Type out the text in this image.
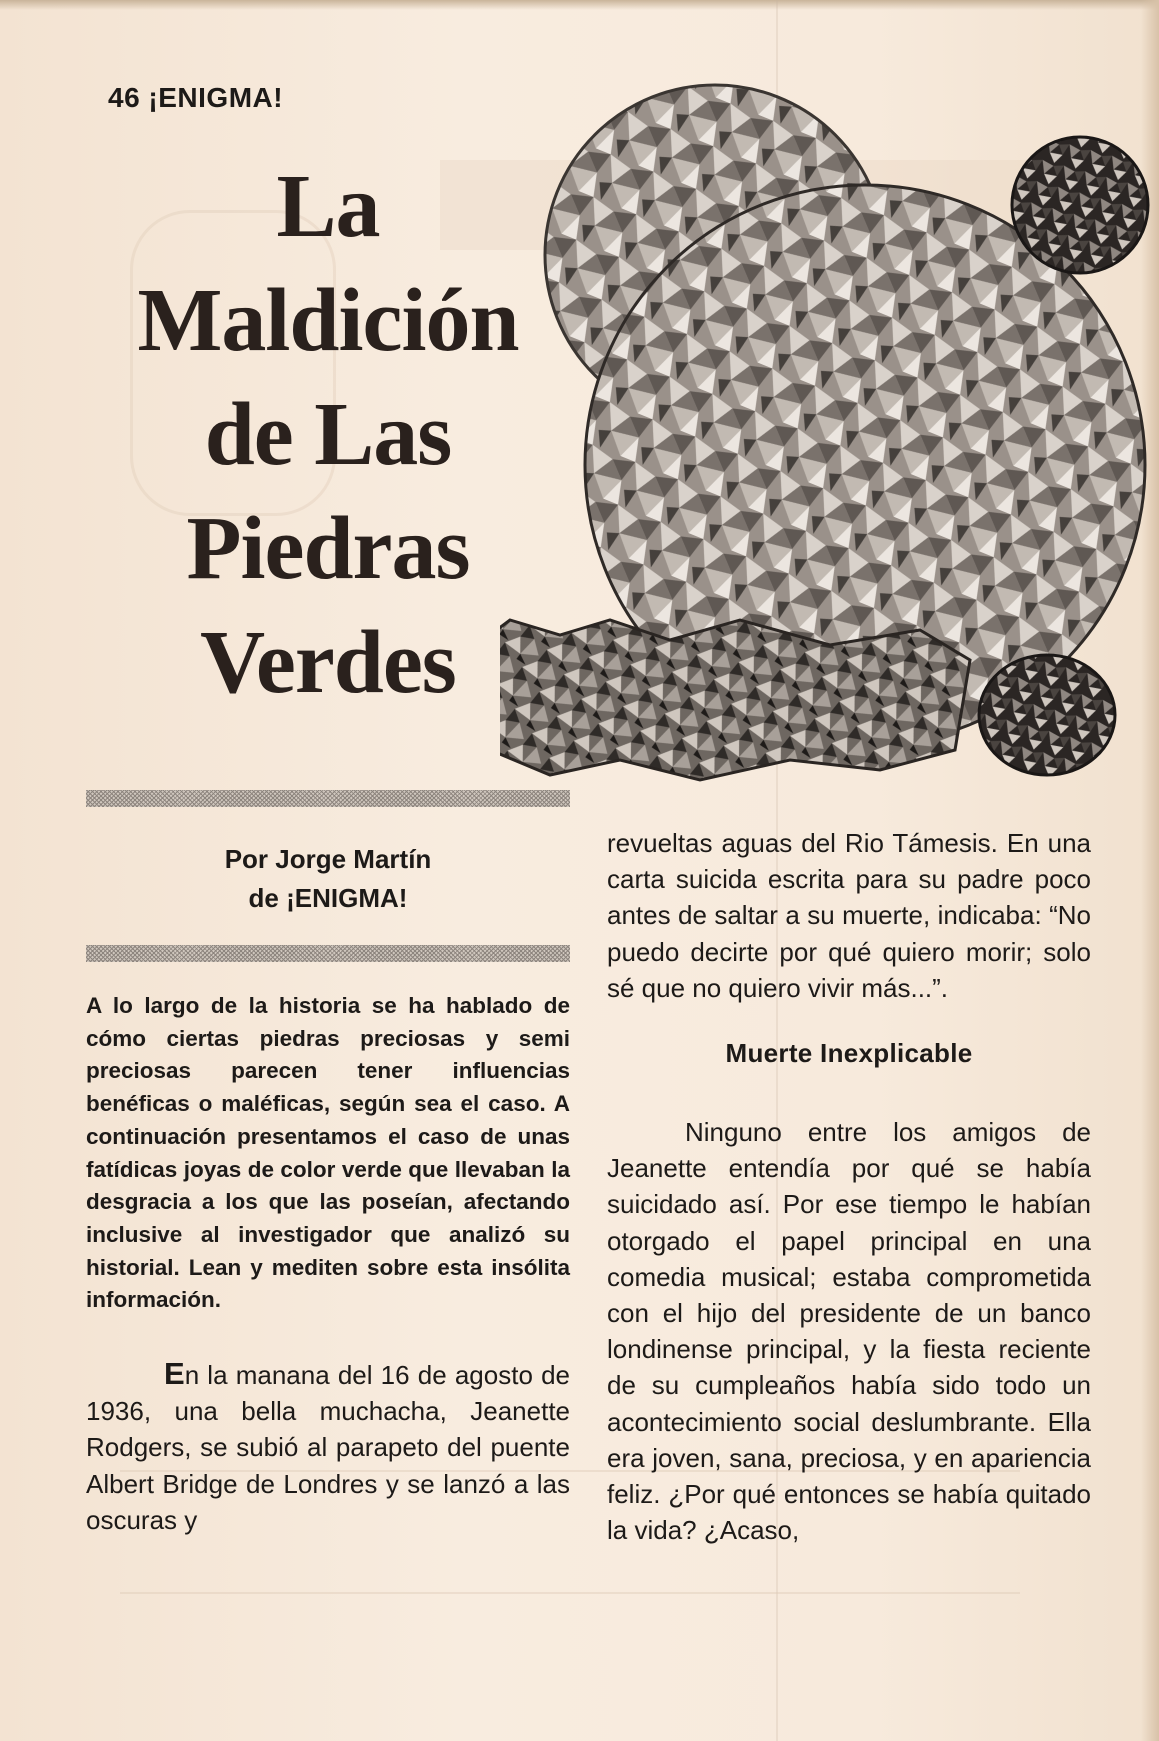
46 ¡ENIGMA!
La
Maldición
de Las
Piedras
Verdes
Por Jorge Martín
de ¡ENIGMA!

A lo largo de la historia se ha hablado de cómo ciertas piedras preciosas y semi preciosas parecen tener influencias benéficas o maléficas, según sea el caso. A continuación presentamos el caso de unas fatídicas joyas de color verde que llevaban la desgracia a los que las poseían, afectando inclusive al investigador que analizó su historial. Lean y mediten sobre esta insólita información.

En la manana del 16 de agosto de 1936, una bella muchacha, Jeanette Rodgers, se subió al parapeto del puente Albert Bridge de Londres y se lanzó a las oscuras y

revueltas aguas del Rio Támesis. En una carta suicida escrita para su padre poco antes de saltar a su muerte, indicaba: “No puedo decirte por qué quiero morir; solo sé que no quiero vivir más...”.

Muerte Inexplicable

Ninguno entre los amigos de Jeanette entendía por qué se había suicidado así. Por ese tiempo le habían otorgado el papel principal en una comedia musical; estaba comprometida con el hijo del presidente de un banco londinense principal, y la fiesta reciente de su cumpleaños había sido todo un acontecimiento social deslumbrante. Ella era joven, sana, preciosa, y en apariencia feliz. ¿Por qué entonces se había quitado la vida? ¿Acaso,
